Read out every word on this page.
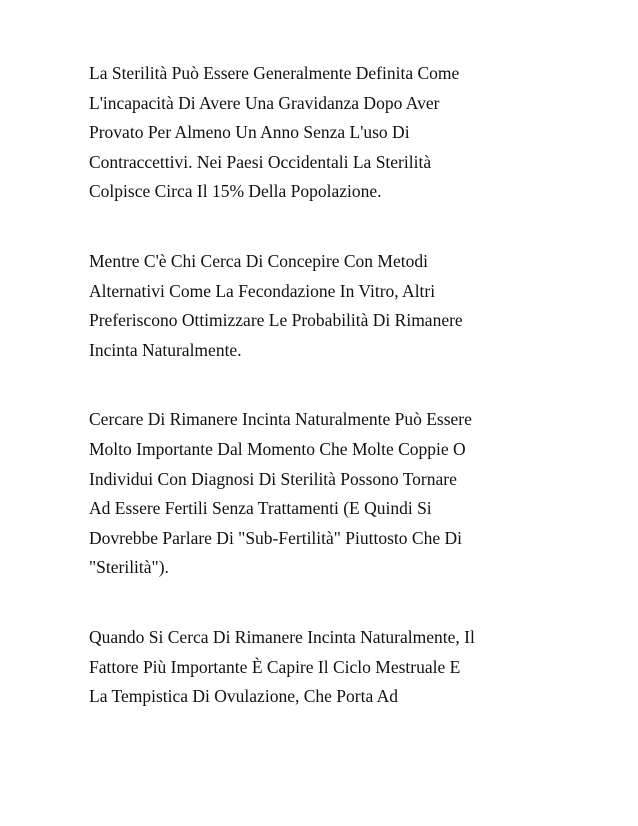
La Sterilità Può Essere Generalmente Definita Come
L'incapacità Di Avere Una Gravidanza Dopo Aver
Provato Per Almeno Un Anno Senza L'uso Di
Contraccettivi. Nei Paesi Occidentali La Sterilità
Colpisce Circa Il 15% Della Popolazione.

Mentre C'è Chi Cerca Di Concepire Con Metodi
Alternativi Come La Fecondazione In Vitro, Altri
Preferiscono Ottimizzare Le Probabilità Di Rimanere
Incinta Naturalmente.

Cercare Di Rimanere Incinta Naturalmente Può Essere
Molto Importante Dal Momento Che Molte Coppie O
Individui Con Diagnosi Di Sterilità Possono Tornare
Ad Essere Fertili Senza Trattamenti (E Quindi Si
Dovrebbe Parlare Di "Sub-Fertilità" Piuttosto Che Di
"Sterilità").

Quando Si Cerca Di Rimanere Incinta Naturalmente, Il
Fattore Più Importante È Capire Il Ciclo Mestruale E
La Tempistica Di Ovulazione, Che Porta Ad
